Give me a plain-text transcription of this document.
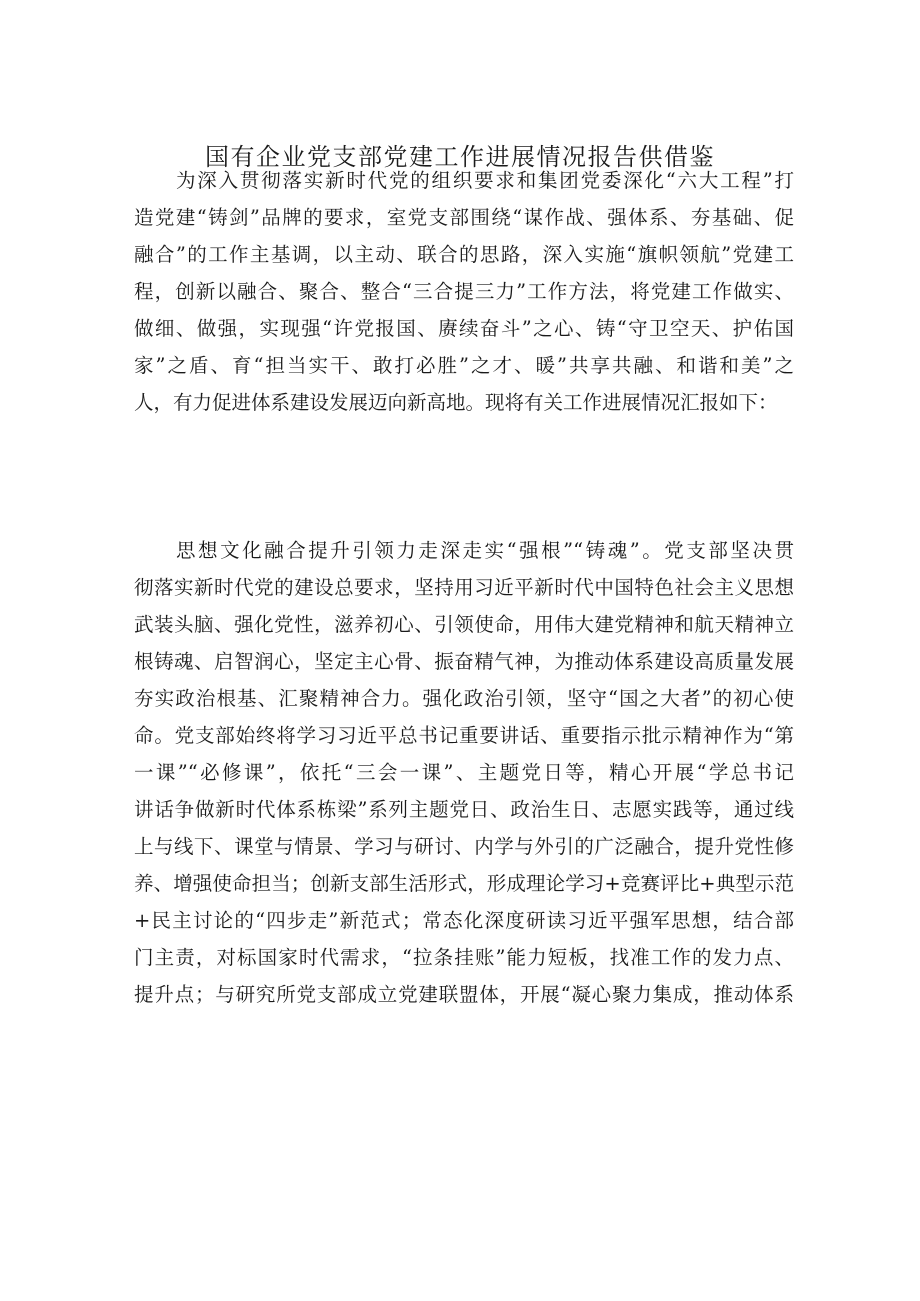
国有企业党支部党建工作进展情况报告供借鉴
为深入贯彻落实新时代党的组织要求和集团党委深化“六大工程”打
造党建“铸剑”品牌的要求，室党支部围绕“谋作战、强体系、夯基础、促
融合”的工作主基调，以主动、联合的思路，深入实施“旗帜领航”党建工
程，创新以融合、聚合、整合“三合提三力”工作方法，将党建工作做实、
做细、做强，实现强“许党报国、赓续奋斗”之心、铸“守卫空天、护佑国
家”之盾、育“担当实干、敢打必胜”之才、暖”共享共融、和谐和美”之
人，有力促进体系建设发展迈向新高地。现将有关工作进展情况汇报如下：
思想文化融合提升引领力走深走实“强根”“铸魂”。党支部坚决贯
彻落实新时代党的建设总要求，坚持用习近平新时代中国特色社会主义思想
武装头脑、强化党性，滋养初心、引领使命，用伟大建党精神和航天精神立
根铸魂、启智润心，坚定主心骨、振奋精气神，为推动体系建设高质量发展
夯实政治根基、汇聚精神合力。强化政治引领，坚守“国之大者”的初心使
命。党支部始终将学习习近平总书记重要讲话、重要指示批示精神作为“第
一课”“必修课”，依托“三会一课”、主题党日等，精心开展“学总书记
讲话争做新时代体系栋梁”系列主题党日、政治生日、志愿实践等，通过线
上与线下、课堂与情景、学习与研讨、内学与外引的广泛融合，提升党性修
养、增强使命担当；创新支部生活形式，形成理论学习+竞赛评比+典型示范
+民主讨论的“四步走”新范式；常态化深度研读习近平强军思想，结合部
门主责，对标国家时代需求，“拉条挂账”能力短板，找准工作的发力点、
提升点；与研究所党支部成立党建联盟体，开展“凝心聚力集成，推动体系
